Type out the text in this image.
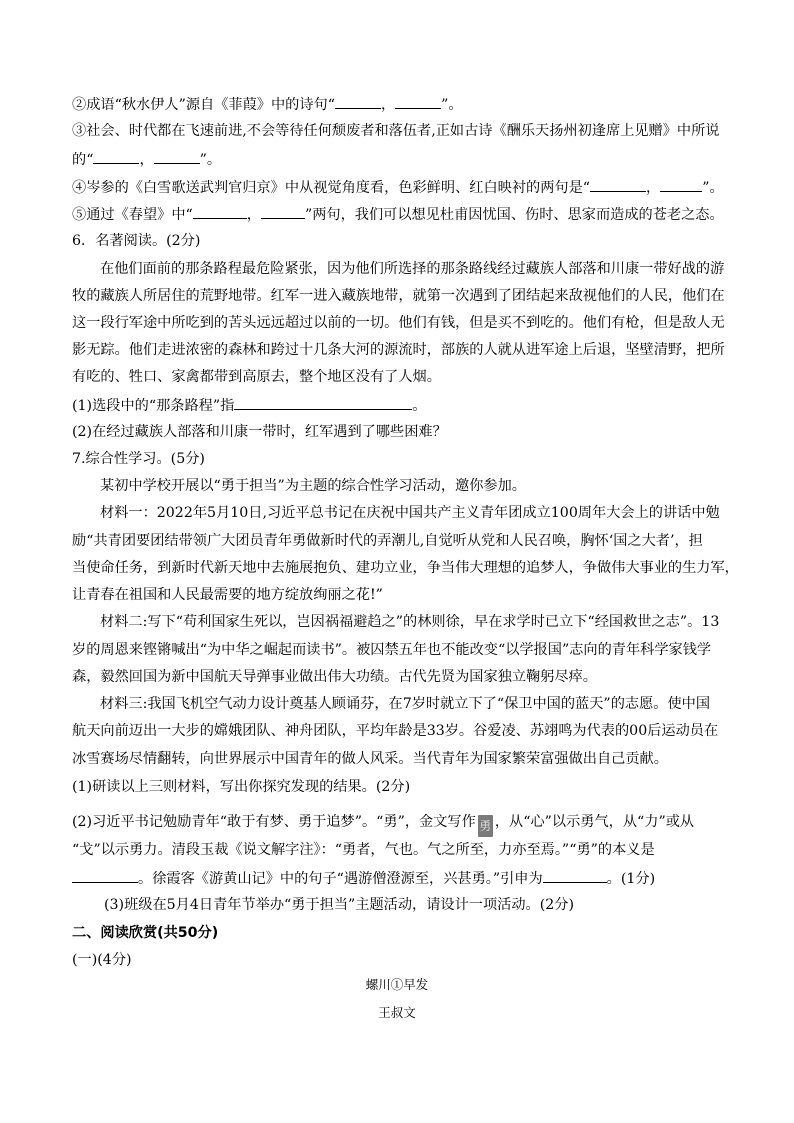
②成语“秋水伊人”源自《菲葭》中的诗句“	，	”。
③社会、时代都在飞速前进,不会等待任何颓废者和落伍者,正如古诗《酬乐天扬州初逢席上见赠》中所说
的“	，	”。
④岑参的《白雪歌送武判官归京》中从视觉角度看，色彩鲜明、红白映衬的两句是“	，	”。
⑤通过《春望》中“	，	”两句，我们可以想见杜甫因忧国、伤时、思家而造成的苍老之态。
6．名著阅读。(2分)
在他们面前的那条路程最危险紧张，因为他们所选择的那条路线经过藏族人部落和川康一带好战的游
牧的藏族人所居住的荒野地带。红军一进入藏族地带，就第一次遇到了团结起来敌视他们的人民，他们在
这一段行军途中所吃到的苦头远远超过以前的一切。他们有钱，但是买不到吃的。他们有枪，但是敌人无
影无踪。他们走进浓密的森林和跨过十几条大河的源流时，部族的人就从进军途上后退，坚壁清野，把所
有吃的、牲口、家禽都带到高原去，整个地区没有了人烟。
(1)选段中的“那条路程”指	。
(2)在经过藏族人部落和川康一带时，红军遇到了哪些困难？
7.综合性学习。(5分)
某初中学校开展以“勇于担当”为主题的综合性学习活动，邀你参加。
材料一：2022年5月10日,习近平总书记在庆祝中国共产主义青年团成立100周年大会上的讲话中勉
励“共青团要团结带领广大团员青年勇做新时代的弄潮儿,自觉听从党和人民召唤，胸怀‘国之大者’，担
当使命任务，到新时代新天地中去施展抱负、建功立业，争当伟大理想的追梦人，争做伟大事业的生力军，
让青春在祖国和人民最需要的地方绽放绚丽之花!”
材料二:写下“苟利国家生死以，岂因祸福避趋之”的林则徐，早在求学时已立下“经国救世之志”。13
岁的周恩来铿锵喊出“为中华之崛起而读书”。被囚禁五年也不能改变“以学报国”志向的青年科学家钱学
森，毅然回国为新中国航天导弹事业做出伟大功绩。古代先贤为国家独立鞠躬尽瘁。
材料三:我国飞机空气动力设计奠基人顾诵芬，在7岁时就立下了“保卫中国的蓝天”的志愿。使中国
航天向前迈出一大步的嫦娥团队、神舟团队，平均年龄是33岁。谷爱凌、苏翊鸣为代表的00后运动员在
冰雪赛场尽情翻转，向世界展示中国青年的做人风采。当代青年为国家繁荣富强做出自己贡献。
(1)研读以上三则材料，写出你探究发现的结果。(2分)
(2)习近平书记勉励青年“敢于有梦、勇于追梦”。“勇”，金文写作 勇 ，从“心”以示勇气，从“力”或从
“戈”以示勇力。清段玉裁《说文解字注》：“勇者，气也。气之所至，力亦至焉。”“勇”的本义是
。徐霞客《游黄山记》中的句子“遇游僧澄源至，兴甚勇。”引申为	。(1分)
(3)班级在5月4日青年节举办“勇于担当”主题活动，请设计一项活动。(2分)
二、阅读欣赏(共50分)
(一)(4分)
螺川①早发
王叔文
